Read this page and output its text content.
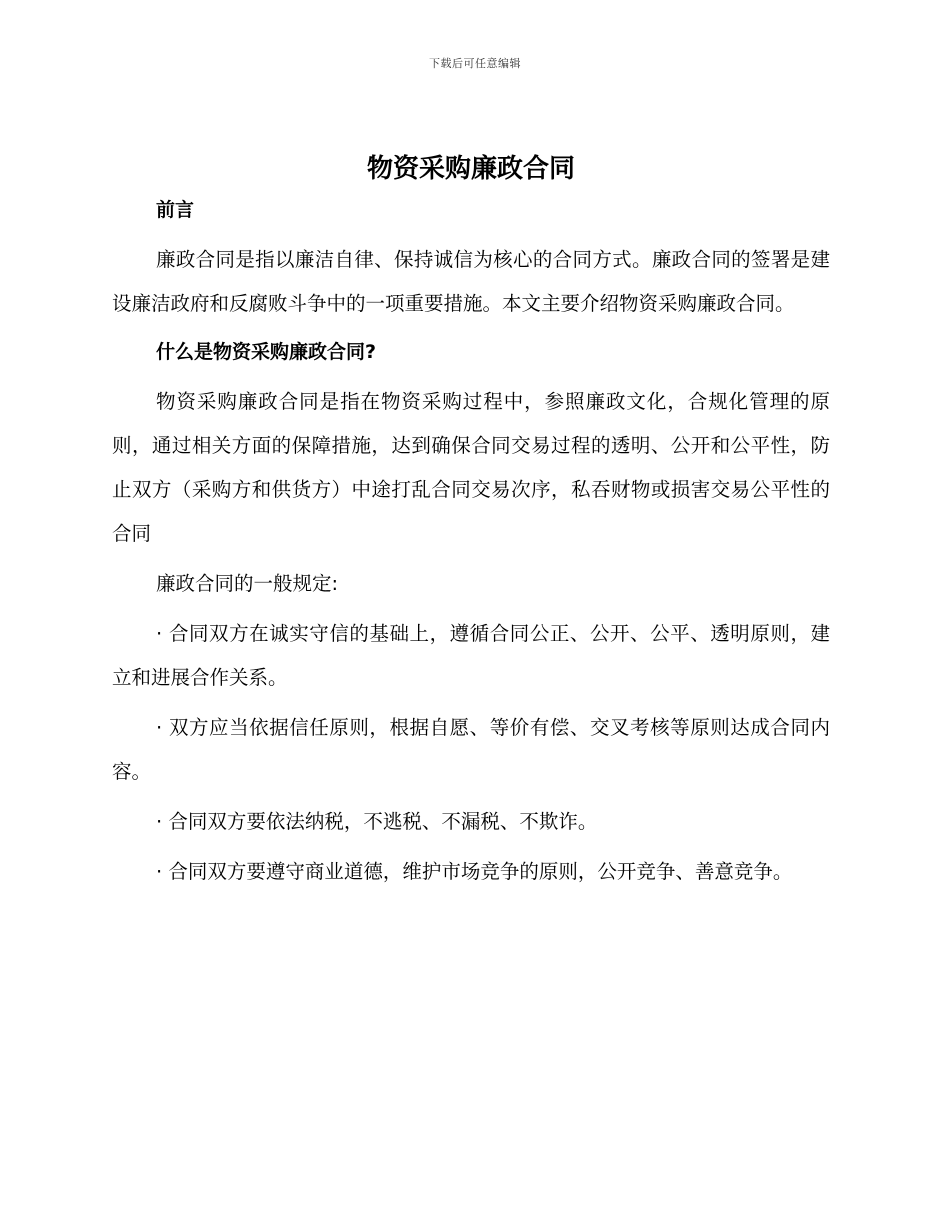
下载后可任意编辑
物资采购廉政合同
前言

廉政合同是指以廉洁自律、保持诚信为核心的合同方式。廉政合同的签署是建设廉洁政府和反腐败斗争中的一项重要措施。本文主要介绍物资采购廉政合同。

什么是物资采购廉政合同?

物资采购廉政合同是指在物资采购过程中，参照廉政文化，合规化管理的原则，通过相关方面的保障措施，达到确保合同交易过程的透明、公开和公平性，防止双方（采购方和供货方）中途打乱合同交易次序，私吞财物或损害交易公平性的合同

廉政合同的一般规定:

· 合同双方在诚实守信的基础上，遵循合同公正、公开、公平、透明原则，建立和进展合作关系。

· 双方应当依据信任原则，根据自愿、等价有偿、交叉考核等原则达成合同内容。

· 合同双方要依法纳税，不逃税、不漏税、不欺诈。

· 合同双方要遵守商业道德，维护市场竞争的原则，公开竞争、善意竞争。
